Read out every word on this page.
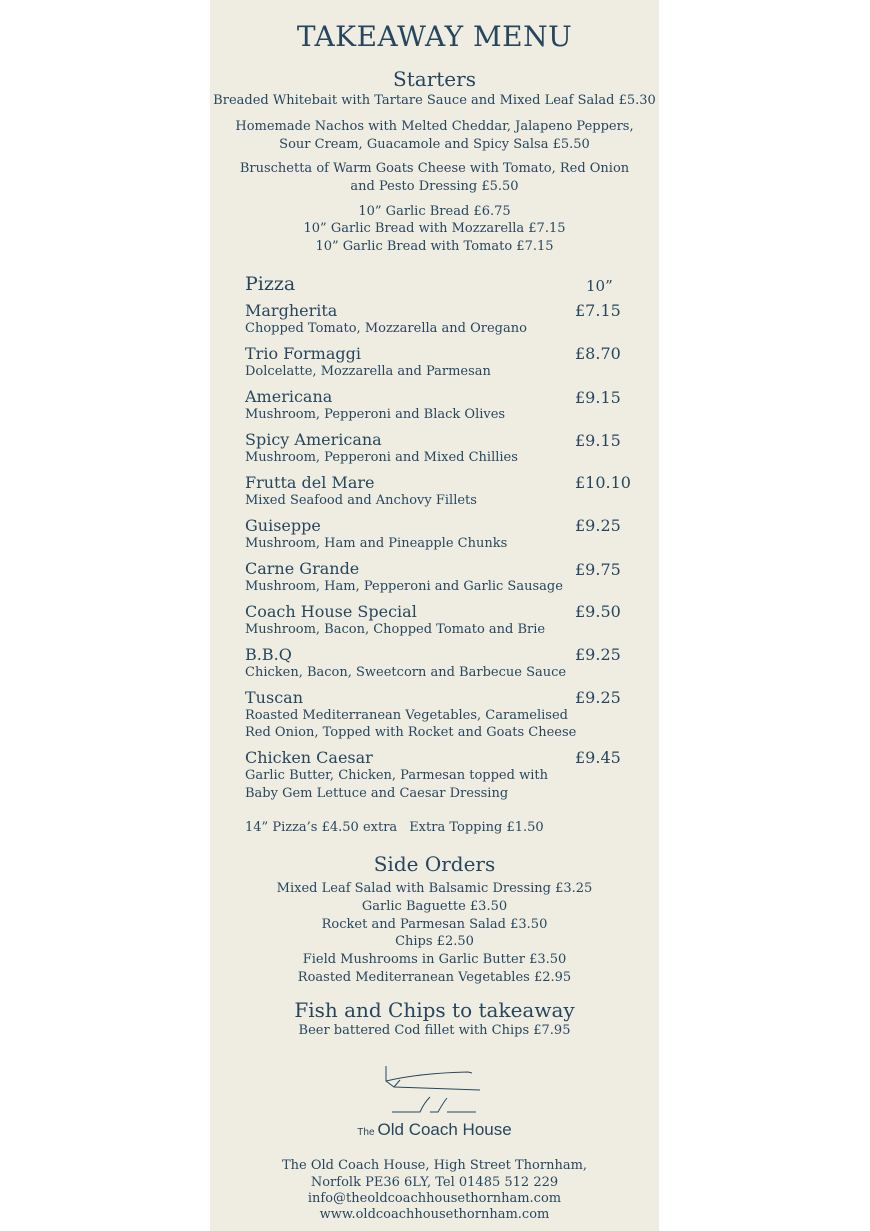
TAKEAWAY MENU
Starters
Breaded Whitebait with Tartare Sauce and Mixed Leaf Salad £5.30
Homemade Nachos with Melted Cheddar, Jalapeno Peppers,
Sour Cream, Guacamole and Spicy Salsa £5.50
Bruschetta of Warm Goats Cheese with Tomato, Red Onion
and Pesto Dressing £5.50
10” Garlic Bread £6.75
10” Garlic Bread with Mozzarella £7.15
10” Garlic Bread with Tomato £7.15
Pizza	10”
Margherita	£7.15
Chopped Tomato, Mozzarella and Oregano
Trio Formaggi	£8.70
Dolcelatte, Mozzarella and Parmesan
Americana	£9.15
Mushroom, Pepperoni and Black Olives
Spicy Americana	£9.15
Mushroom, Pepperoni and Mixed Chillies
Frutta del Mare	£10.10
Mixed Seafood and Anchovy Fillets
Guiseppe	£9.25
Mushroom, Ham and Pineapple Chunks
Carne Grande	£9.75
Mushroom, Ham, Pepperoni and Garlic Sausage
Coach House Special	£9.50
Mushroom, Bacon, Chopped Tomato and Brie
B.B.Q	£9.25
Chicken, Bacon, Sweetcorn and Barbecue Sauce
Tuscan	£9.25
Roasted Mediterranean Vegetables, Caramelised
Red Onion, Topped with Rocket and Goats Cheese
Chicken Caesar	£9.45
Garlic Butter, Chicken, Parmesan topped with
Baby Gem Lettuce and Caesar Dressing
14” Pizza’s £4.50 extra Extra Topping £1.50
Side Orders
Mixed Leaf Salad with Balsamic Dressing £3.25
Garlic Baguette £3.50
Rocket and Parmesan Salad £3.50
Chips £2.50
Field Mushrooms in Garlic Butter £3.50
Roasted Mediterranean Vegetables £2.95
Fish and Chips to takeaway
Beer battered Cod fillet with Chips £7.95
The Old Coach House
The Old Coach House, High Street Thornham,
Norfolk PE36 6LY, Tel 01485 512 229
info@theoldcoachhousethornham.com
www.oldcoachhousethornham.com
